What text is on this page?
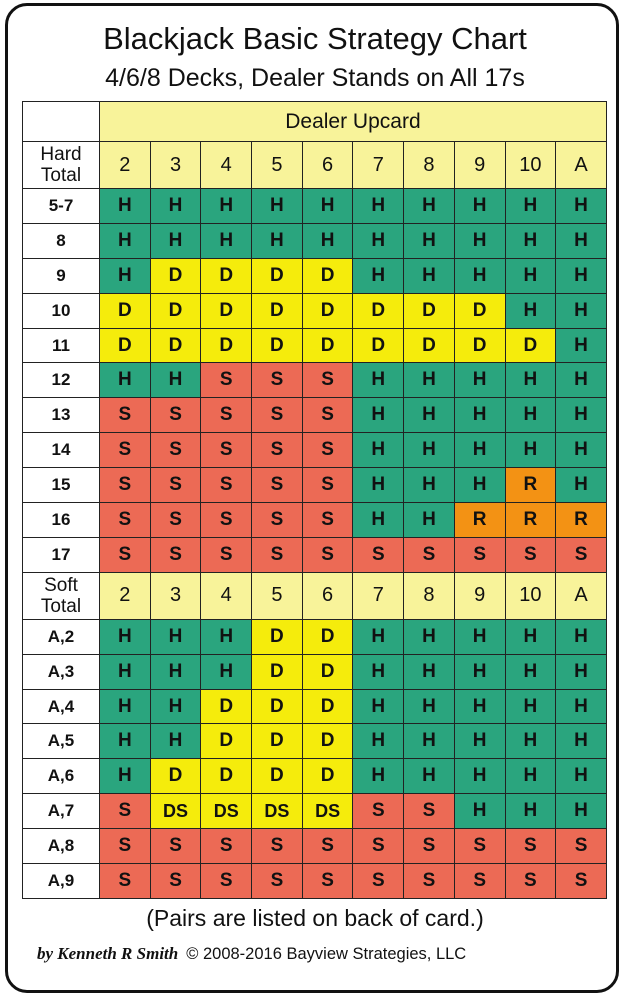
Blackjack Basic Strategy Chart
4/6/8 Decks, Dealer Stands on All 17s
Dealer Upcard
Hard
Total	2	3	4	5	6	7	8	9	10	A
5-7	H	H	H	H	H	H	H	H	H	H
8	H	H	H	H	H	H	H	H	H	H
9	H	D	D	D	D	H	H	H	H	H
10	D	D	D	D	D	D	D	D	H	H
11	D	D	D	D	D	D	D	D	D	H
12	H	H	S	S	S	H	H	H	H	H
13	S	S	S	S	S	H	H	H	H	H
14	S	S	S	S	S	H	H	H	H	H
15	S	S	S	S	S	H	H	H	R	H
16	S	S	S	S	S	H	H	R	R	R
17	S	S	S	S	S	S	S	S	S	S
Soft
Total	2	3	4	5	6	7	8	9	10	A
A,2	H	H	H	D	D	H	H	H	H	H
A,3	H	H	H	D	D	H	H	H	H	H
A,4	H	H	D	D	D	H	H	H	H	H
A,5	H	H	D	D	D	H	H	H	H	H
A,6	H	D	D	D	D	H	H	H	H	H
A,7	S	DS	DS	DS	DS	S	S	H	H	H
A,8	S	S	S	S	S	S	S	S	S	S
A,9	S	S	S	S	S	S	S	S	S	S
(Pairs are listed on back of card.)
by Kenneth R Smith © 2008-2016 Bayview Strategies, LLC
